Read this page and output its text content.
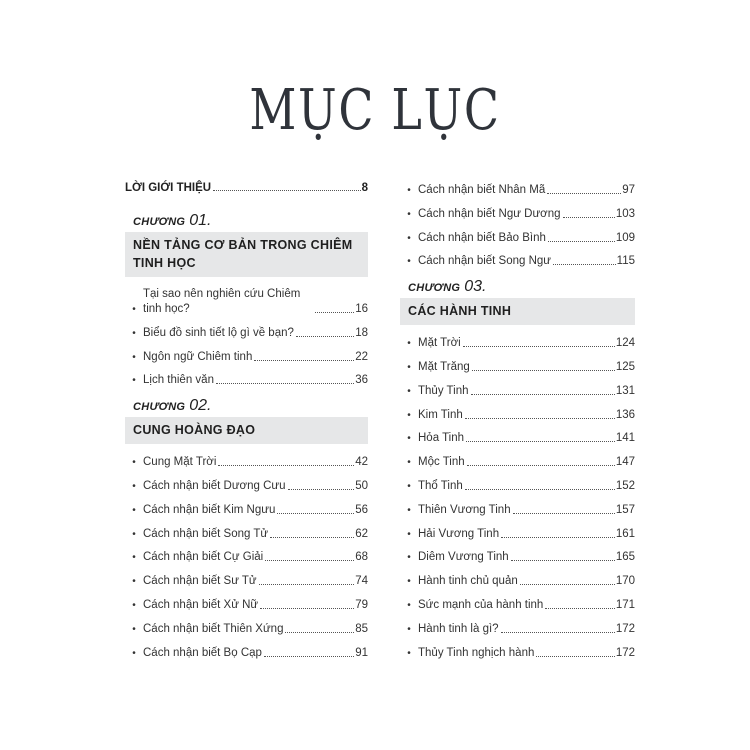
MỤC LỤC
LỜI GIỚI THIỆU	8
CHƯƠNG 01.
NỀN TẢNG CƠ BẢN TRONG CHIÊM TINH HỌC
•
Tại sao nên nghiên cứu Chiêm tinh học?	16
• Biểu đồ sinh tiết lộ gì về bạn?	18
• Ngôn ngữ Chiêm tinh	22
• Lịch thiên văn	36
CHƯƠNG 02.
CUNG HOÀNG ĐẠO
• Cung Mặt Trời	42
• Cách nhận biết Dương Cưu	50
• Cách nhận biết Kim Ngưu	56
• Cách nhận biết Song Tử	62
• Cách nhận biết Cự Giải	68
• Cách nhận biết Sư Tử	74
• Cách nhận biết Xử Nữ	79
• Cách nhận biết Thiên Xứng	85
• Cách nhận biết Bọ Cạp	91
• Cách nhận biết Nhân Mã	97
• Cách nhận biết Ngư Dương	103
• Cách nhận biết Bảo Bình	109
• Cách nhận biết Song Ngư	115
CHƯƠNG 03.
CÁC HÀNH TINH
• Mặt Trời	124
• Mặt Trăng	125
• Thủy Tinh	131
• Kim Tinh	136
• Hỏa Tinh	141
• Mộc Tinh	147
• Thổ Tinh	152
• Thiên Vương Tinh	157
• Hải Vương Tinh	161
• Diêm Vương Tinh	165
• Hành tinh chủ quản	170
• Sức mạnh của hành tinh	171
• Hành tinh là gì?	172
• Thủy Tinh nghịch hành	172
